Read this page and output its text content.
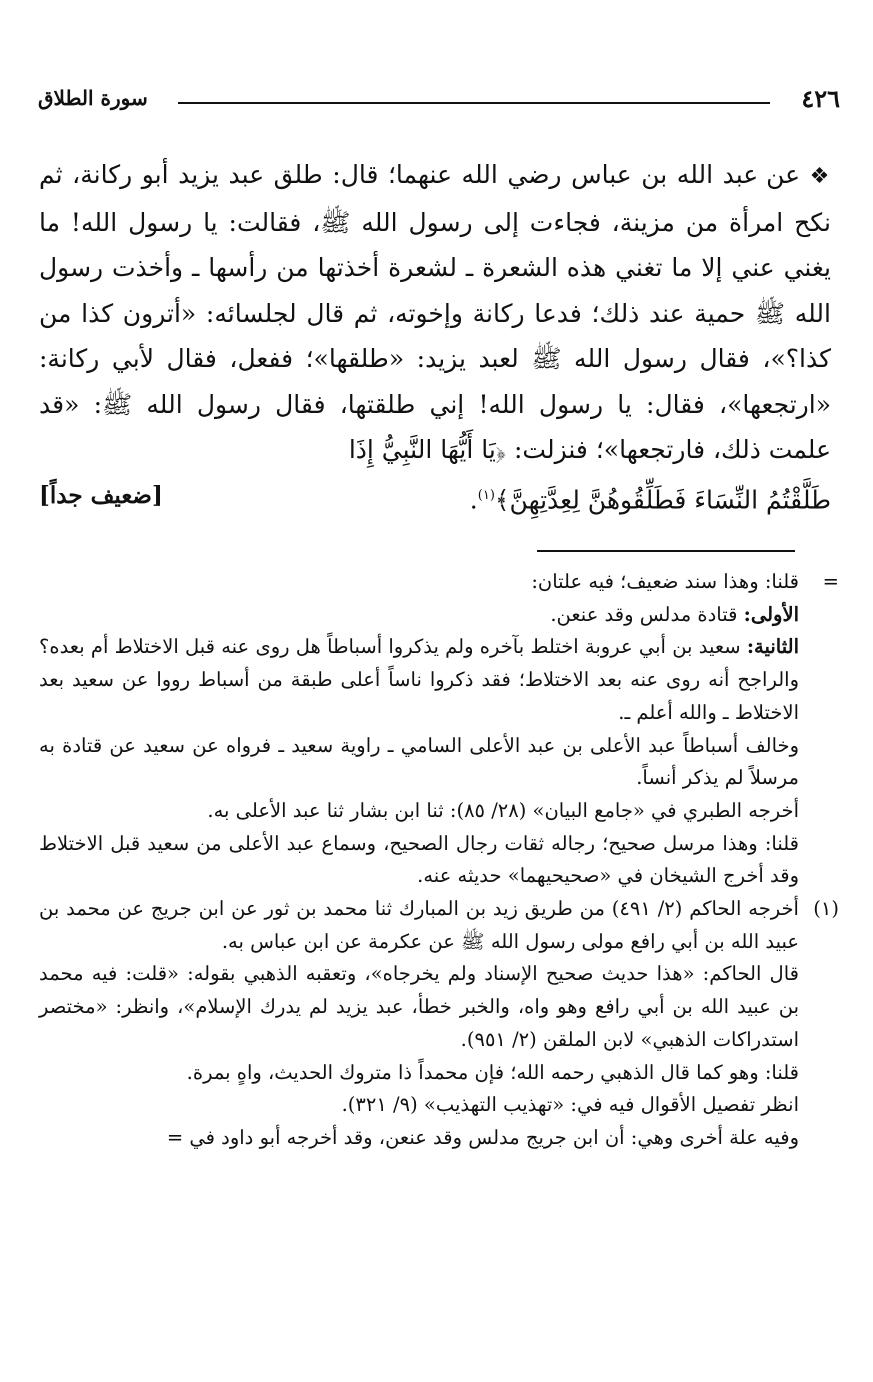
٤٢٦
سورة الطلاق
❖ عن عبد الله بن عباس رضي الله عنهما؛ قال: طلق عبد يزيد أبو ركانة، ثم نكح امرأة من مزينة، فجاءت إلى رسول الله ﷺ، فقالت: يا رسول الله! ما يغني عني إلا ما تغني هذه الشعرة ـ لشعرة أخذتها من رأسها ـ وأخذت رسول الله ﷺ حمية عند ذلك؛ فدعا ركانة وإخوته، ثم قال لجلسائه: «أترون كذا من كذا؟»، فقال رسول الله ﷺ لعبد يزيد: «طلقها»؛ ففعل، فقال لأبي ركانة: «ارتجعها»، فقال: يا رسول الله! إني طلقتها، فقال رسول الله ﷺ: «قد علمت ذلك، فارتجعها»؛ فنزلت: ﴿يَا أَيُّهَا النَّبِيُّ إِذَا
طَلَّقْتُمُ النِّسَاءَ فَطَلِّقُوهُنَّ لِعِدَّتِهِنَّ﴾$^{(١)}$.
[ضعيف جداً]
=
قلنا: وهذا سند ضعيف؛ فيه علتان:
الأولى: قتادة مدلس وقد عنعن.
الثانية: سعيد بن أبي عروبة اختلط بآخره ولم يذكروا أسباطاً هل روى عنه قبل الاختلاط أم بعده؟ والراجح أنه روى عنه بعد الاختلاط؛ فقد ذكروا ناساً أعلى طبقة من أسباط رووا عن سعيد بعد الاختلاط ـ والله أعلم ـ.
وخالف أسباطاً عبد الأعلى بن عبد الأعلى السامي ـ راوية سعيد ـ فرواه عن سعيد عن قتادة به مرسلاً لم يذكر أنساً.
أخرجه الطبري في «جامع البيان» (٢٨/ ٨٥): ثنا ابن بشار ثنا عبد الأعلى به.
قلنا: وهذا مرسل صحيح؛ رجاله ثقات رجال الصحيح، وسماع عبد الأعلى من سعيد قبل الاختلاط وقد أخرج الشيخان في «صحيحيهما» حديثه عنه.
(١)
أخرجه الحاكم (٢/ ٤٩١) من طريق زيد بن المبارك ثنا محمد بن ثور عن ابن جريج عن محمد بن عبيد الله بن أبي رافع مولى رسول الله ﷺ عن عكرمة عن ابن عباس به.
قال الحاكم: «هذا حديث صحيح الإسناد ولم يخرجاه»، وتعقبه الذهبي بقوله: «قلت: فيه محمد بن عبيد الله بن أبي رافع وهو واه، والخبر خطأ، عبد يزيد لم يدرك الإسلام»، وانظر: «مختصر استدراكات الذهبي» لابن الملقن (٢/ ٩٥١).
قلنا: وهو كما قال الذهبي رحمه الله؛ فإن محمداً ذا متروك الحديث، واهٍ بمرة.
انظر تفصيل الأقوال فيه في: «تهذيب التهذيب» (٩/ ٣٢١).
وفيه علة أخرى وهي: أن ابن جريج مدلس وقد عنعن، وقد أخرجه أبو داود في =
